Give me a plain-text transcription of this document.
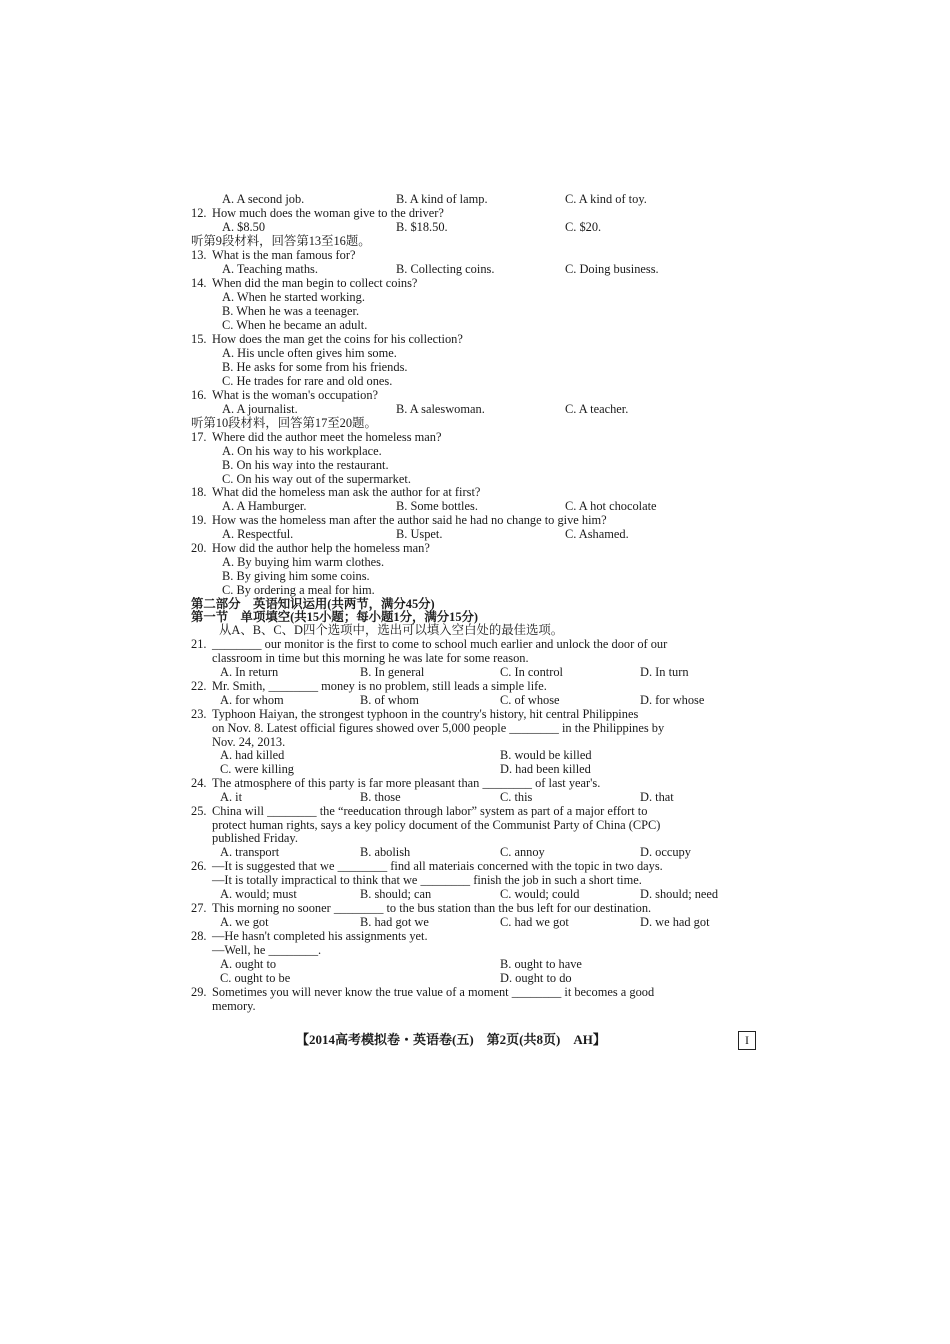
A. A second job.	B. A kind of lamp.	C. A kind of toy.
12. How much does the woman give to the driver?
A. $8.50	B. $18.50.	C. $20.
听第9段材料，回答第13至16题。
13. What is the man famous for?
A. Teaching maths.	B. Collecting coins.	C. Doing business.
14. When did the man begin to collect coins?
A. When he started working.
B. When he was a teenager.
C. When he became an adult.
15. How does the man get the coins for his collection?
A. His uncle often gives him some.
B. He asks for some from his friends.
C. He trades for rare and old ones.
16. What is the woman's occupation?
A. A journalist.	B. A saleswoman.	C. A teacher.
听第10段材料，回答第17至20题。
17. Where did the author meet the homeless man?
A. On his way to his workplace.
B. On his way into the restaurant.
C. On his way out of the supermarket.
18. What did the homeless man ask the author for at first?
A. A Hamburger.	B. Some bottles.	C. A hot chocolate
19. How was the homeless man after the author said he had no change to give him?
A. Respectful.	B. Uspet.	C. Ashamed.
20. How did the author help the homeless man?
A. By buying him warm clothes.
B. By giving him some coins.
C. By ordering a meal for him.
第二部分　英语知识运用(共两节，满分45分)
第一节　单项填空(共15小题；每小题1分，满分15分)
从A、B、C、D四个选项中，选出可以填入空白处的最佳选项。
21. ________ our monitor is the first to come to school much earlier and unlock the door of our
classroom in time but this morning he was late for some reason.
A. In return	B. In general	C. In control	D. In turn
22. Mr. Smith, ________ money is no problem, still leads a simple life.
A. for whom	B. of whom	C. of whose	D. for whose
23. Typhoon Haiyan, the strongest typhoon in the country's history, hit central Philippines
on Nov. 8. Latest official figures showed over 5,000 people ________ in the Philippines by
Nov. 24, 2013.
A. had killed	B. would be killed
C. were killing	D. had been killed
24. The atmosphere of this party is far more pleasant than ________ of last year's.
A. it	B. those	C. this	D. that
25. China will ________ the “reeducation through labor” system as part of a major effort to
protect human rights, says a key policy document of the Communist Party of China (CPC)
published Friday.
A. transport	B. abolish	C. annoy	D. occupy
26. —It is suggested that we ________ find all materiais concerned with the topic in two days.
—It is totally impractical to think that we ________ finish the job in such a short time.
A. would; must	B. should; can	C. would; could	D. should; need
27. This morning no sooner ________ to the bus station than the bus left for our destination.
A. we got	B. had got we	C. had we got	D. we had got
28. —He hasn't completed his assignments yet.
—Well, he ________.
A. ought to	B. ought to have
C. ought to be	D. ought to do
29. Sometimes you will never know the true value of a moment ________ it becomes a good
memory.
【2014高考模拟卷・英语卷(五)　第2页(共8页)　AH】	I
